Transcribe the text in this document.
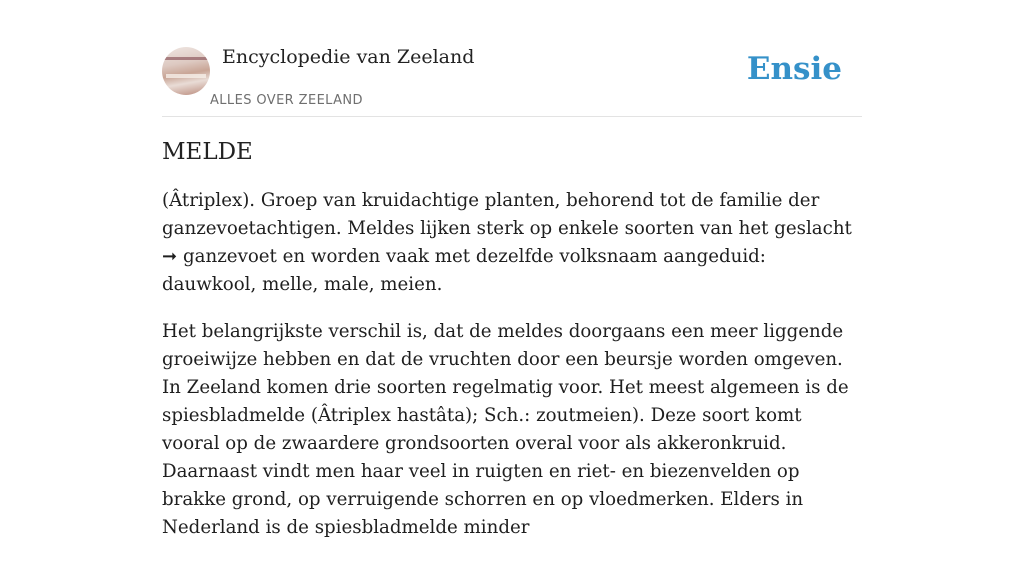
Encyclopedie van Zeeland
ALLES OVER ZEELAND
Ensie
MELDE

(Âtriplex). Groep van kruidachtige planten, behorend tot de familie der ganzevoetachtigen. Meldes lijken sterk op enkele soorten van het geslacht ➞ ganzevoet en worden vaak met dezelfde volksnaam aangeduid: dauwkool, melle, male, meien.

Het belangrijkste verschil is, dat de meldes doorgaans een meer liggende groeiwijze hebben en dat de vruchten door een beursje worden omgeven. In Zeeland komen drie soorten regelmatig voor. Het meest algemeen is de spiesbladmelde (Âtriplex hastâta); Sch.: zoutmeien). Deze soort komt vooral op de zwaardere grondsoorten overal voor als akkeronkruid. Daarnaast vindt men haar veel in ruigten en riet- en biezenvelden op brakke grond, op verruigende schorren en op vloedmerken. Elders in Nederland is de spiesbladmelde minder
